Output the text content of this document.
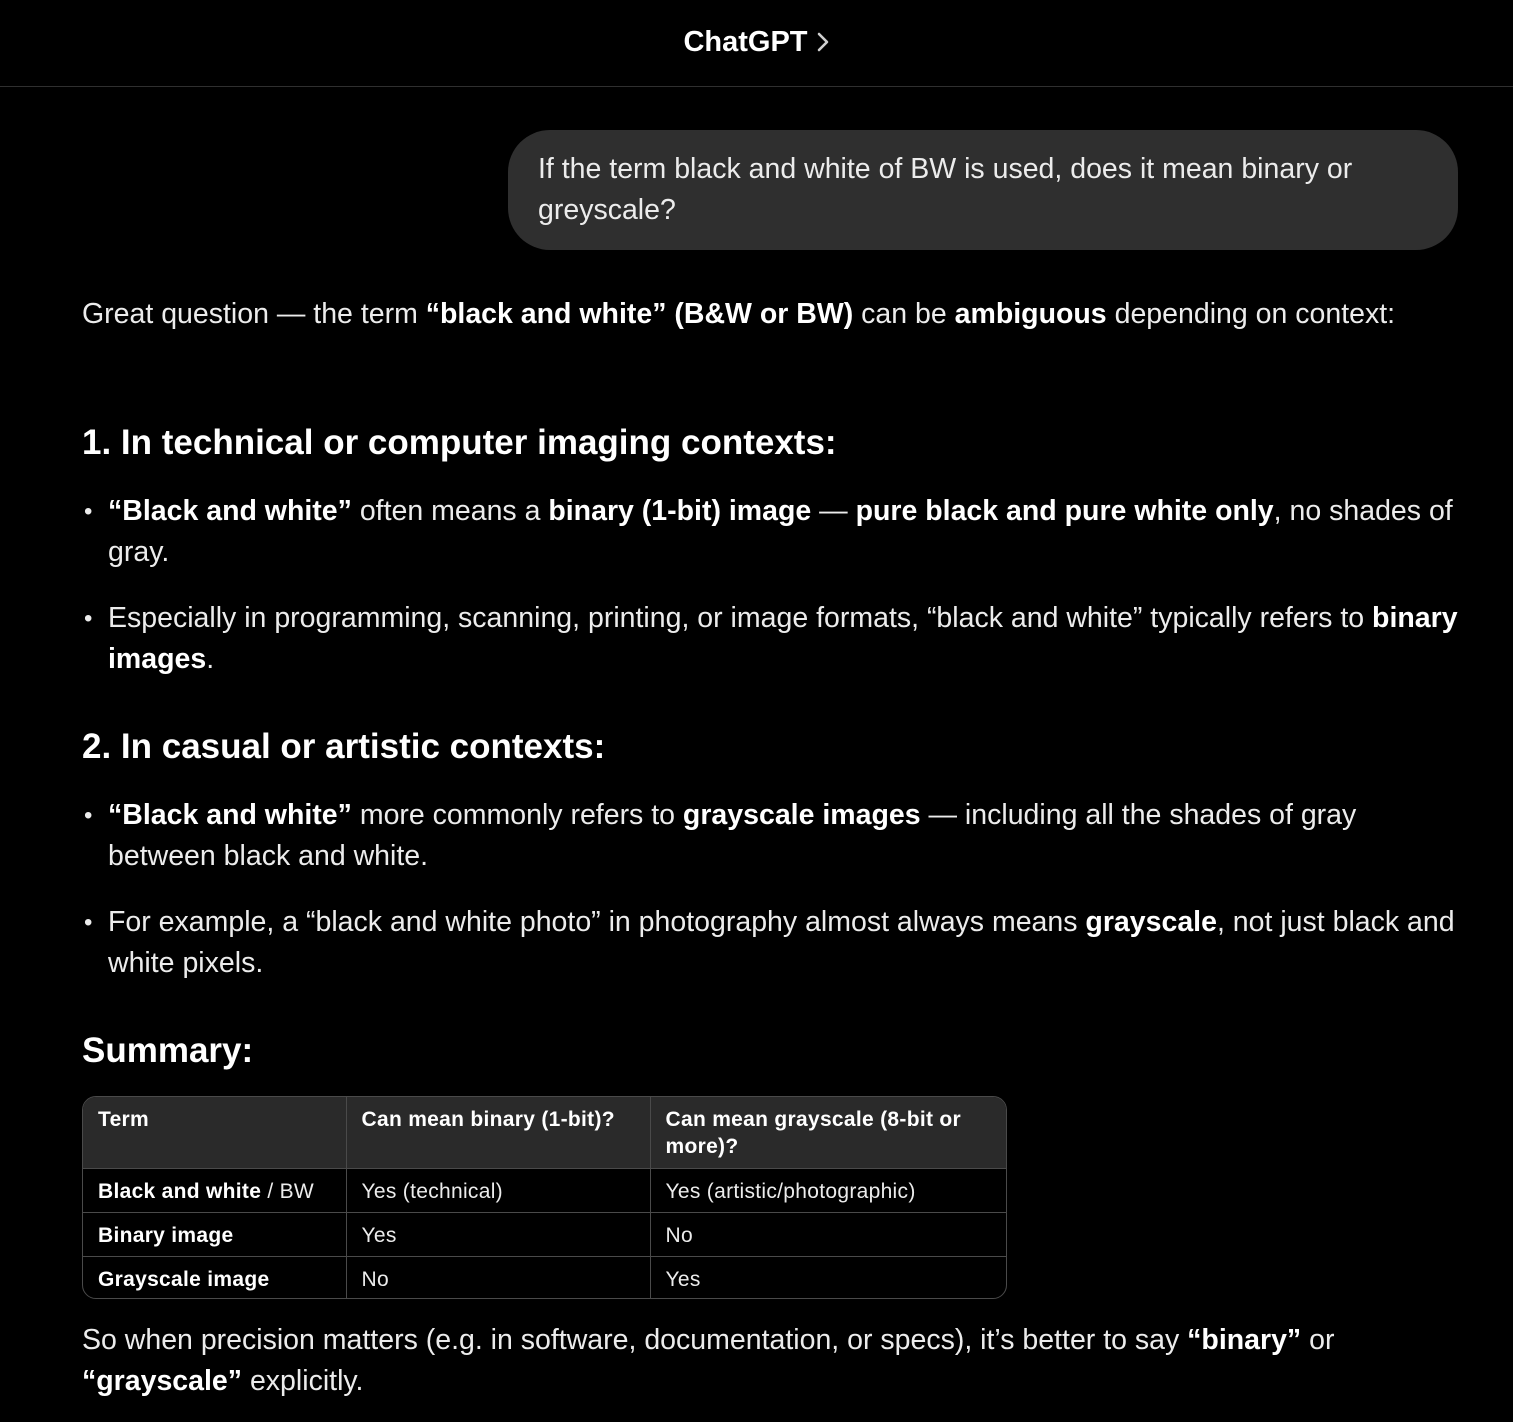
ChatGPT
If the term black and white of BW is used, does it mean binary or greyscale?
Great question — the term “black and white” (B&W or BW) can be ambiguous depending on context:
1. In technical or computer imaging contexts:
• “Black and white” often means a binary (1-bit) image — pure black and pure white only, no shades of gray.
• Especially in programming, scanning, printing, or image formats, “black and white” typically refers to binary images.
2. In casual or artistic contexts:
• “Black and white” more commonly refers to grayscale images — including all the shades of gray between black and white.
• For example, a “black and white photo” in photography almost always means grayscale, not just black and white pixels.
Summary:
Term	Can mean binary (1-bit)?	Can mean grayscale (8-bit or more)?
Black and white / BW	Yes (technical)	Yes (artistic/photographic)
Binary image	Yes	No
Grayscale image	No	Yes
So when precision matters (e.g. in software, documentation, or specs), it’s better to say “binary” or “grayscale” explicitly.
